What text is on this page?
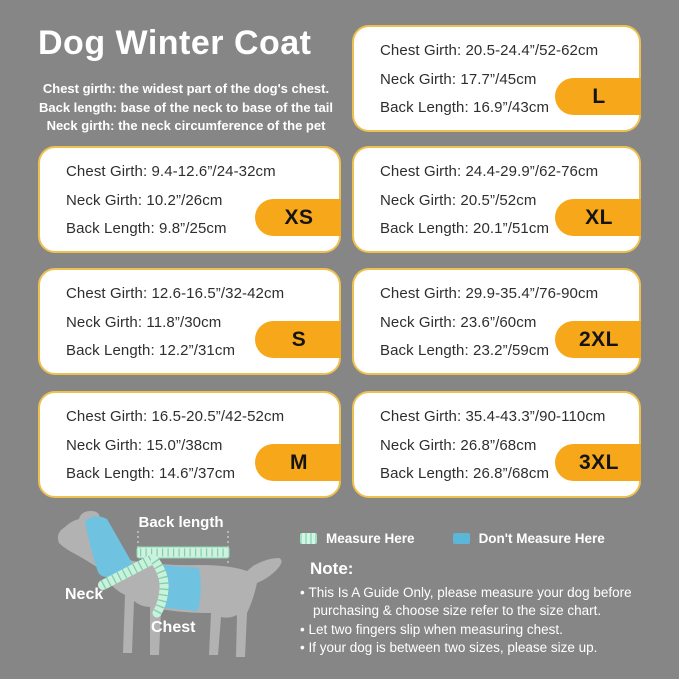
Dog Winter Coat
Chest girth: the widest part of the dog's chest.
Back length: base of the neck to base of the tail
Neck girth: the neck circumference of the pet
Chest Girth: 20.5-24.4”/52-62cm
Neck Girth: 17.7”/45cm
Back Length: 16.9”/43cm	L
Chest Girth: 9.4-12.6”/24-32cm
Neck Girth: 10.2”/26cm
Back Length: 9.8”/25cm	XS
Chest Girth: 24.4-29.9”/62-76cm
Neck Girth: 20.5”/52cm
Back Length: 20.1”/51cm	XL
Chest Girth: 12.6-16.5”/32-42cm
Neck Girth: 11.8”/30cm
Back Length: 12.2”/31cm	S
Chest Girth: 29.9-35.4”/76-90cm
Neck Girth: 23.6”/60cm
Back Length: 23.2”/59cm	2XL
Chest Girth: 16.5-20.5”/42-52cm
Neck Girth: 15.0”/38cm
Back Length: 14.6”/37cm	M
Chest Girth: 35.4-43.3”/90-110cm
Neck Girth: 26.8”/68cm
Back Length: 26.8”/68cm	3XL
Back length
Neck
Chest
Measure Here	Don't Measure Here
Note:
• This Is A Guide Only, please measure your dog before purchasing & choose size refer to the size chart.
• Let two fingers slip when measuring chest.
• If your dog is between two sizes, please size up.
